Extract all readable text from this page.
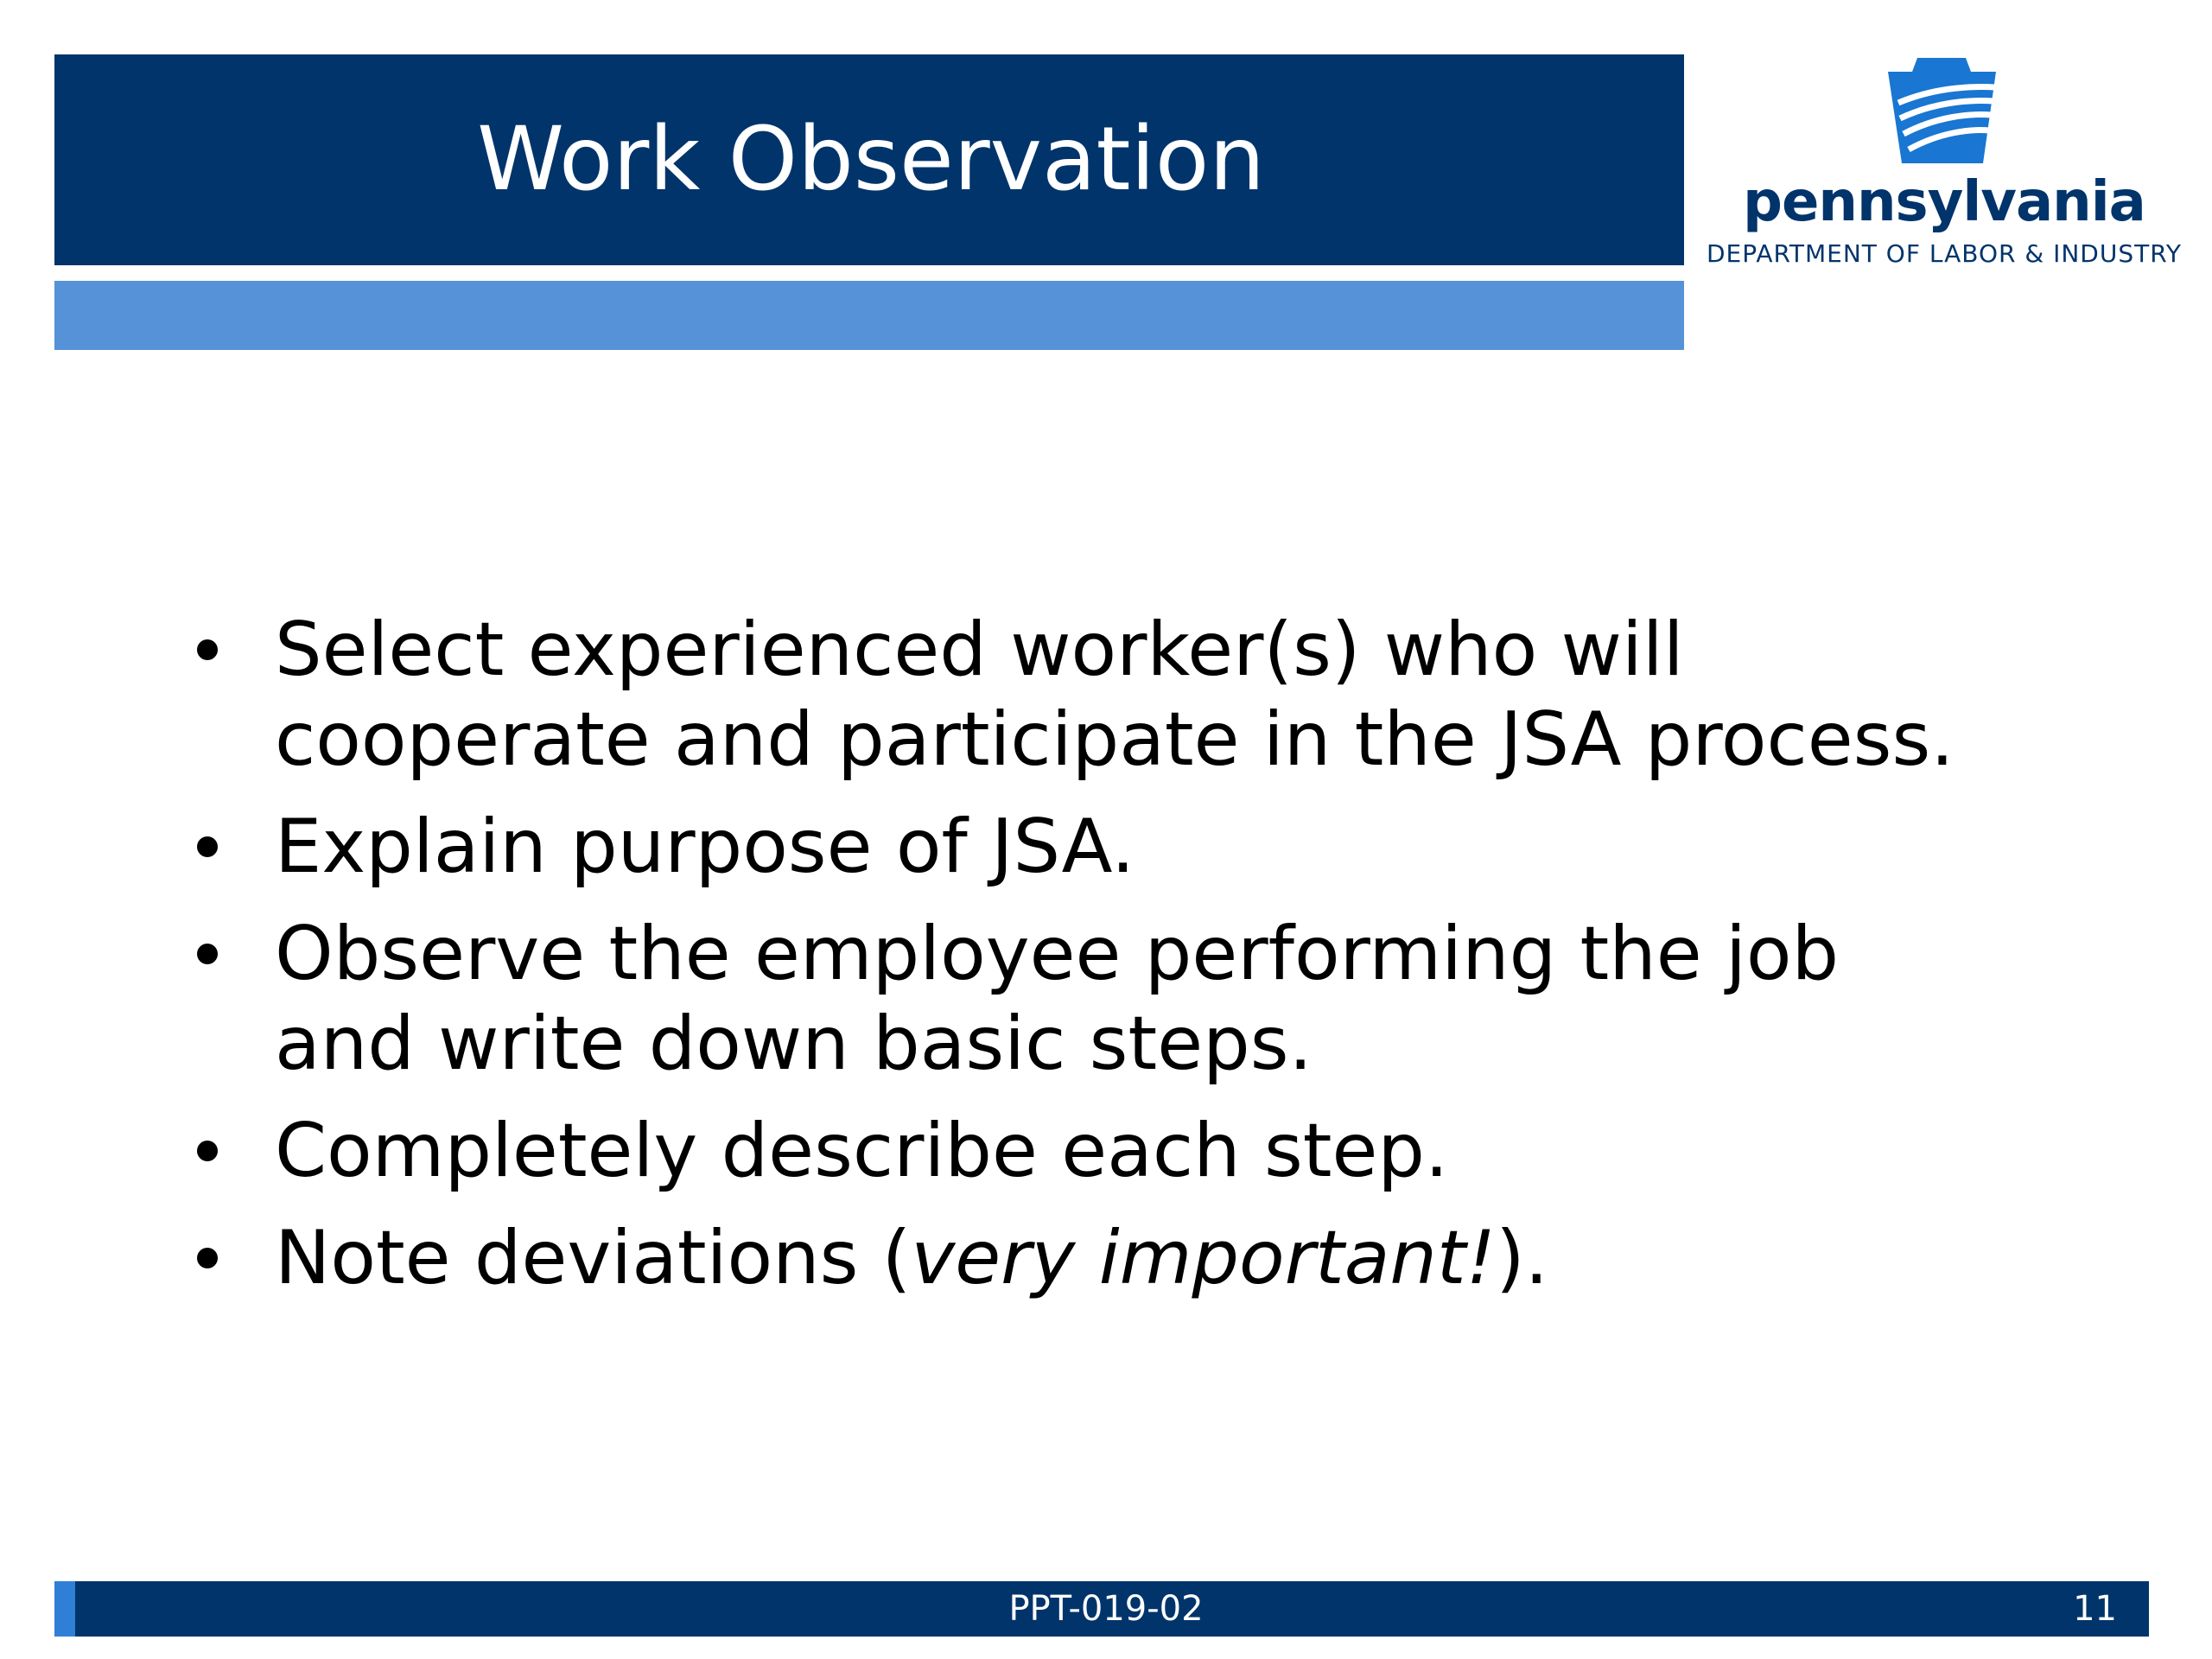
Work Observation	pennsylvania
DEPARTMENT OF LABOR & INDUSTRY
Select experienced worker(s) who will
cooperate and participate in the JSA process.
Explain purpose of JSA.
Observe the employee performing the job
and write down basic steps.
Completely describe each step.
Note deviations (very important!).
PPT-019-02	11
